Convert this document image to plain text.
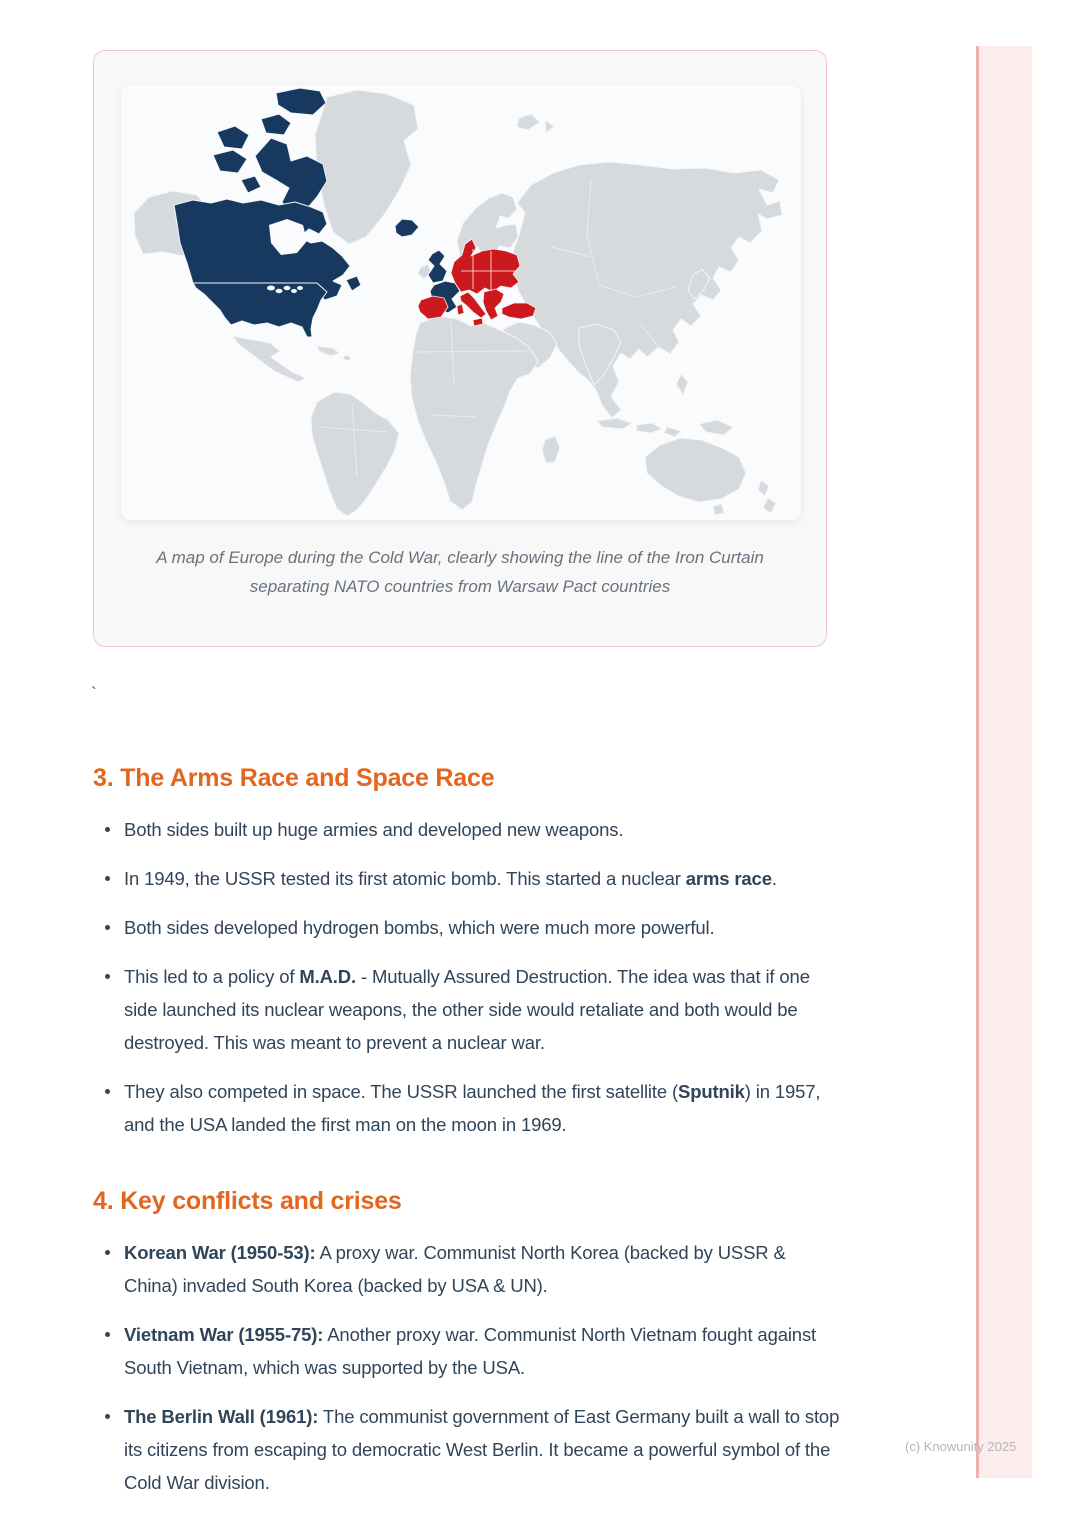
A map of Europe during the Cold War, clearly showing the line of the Iron Curtain separating NATO countries from Warsaw Pact countries
`
3. The Arms Race and Space Race
Both sides built up huge armies and developed new weapons.
In 1949, the USSR tested its first atomic bomb. This started a nuclear arms race.
Both sides developed hydrogen bombs, which were much more powerful.
This led to a policy of M.A.D. - Mutually Assured Destruction. The idea was that if one side launched its nuclear weapons, the other side would retaliate and both would be destroyed. This was meant to prevent a nuclear war.
They also competed in space. The USSR launched the first satellite (Sputnik) in 1957, and the USA landed the first man on the moon in 1969.
4. Key conflicts and crises
Korean War (1950-53): A proxy war. Communist North Korea (backed by USSR & China) invaded South Korea (backed by USA & UN).
Vietnam War (1955-75): Another proxy war. Communist North Vietnam fought against South Vietnam, which was supported by the USA.
The Berlin Wall (1961): The communist government of East Germany built a wall to stop its citizens from escaping to democratic West Berlin. It became a powerful symbol of the Cold War division.
(c) Knowunity 2025
